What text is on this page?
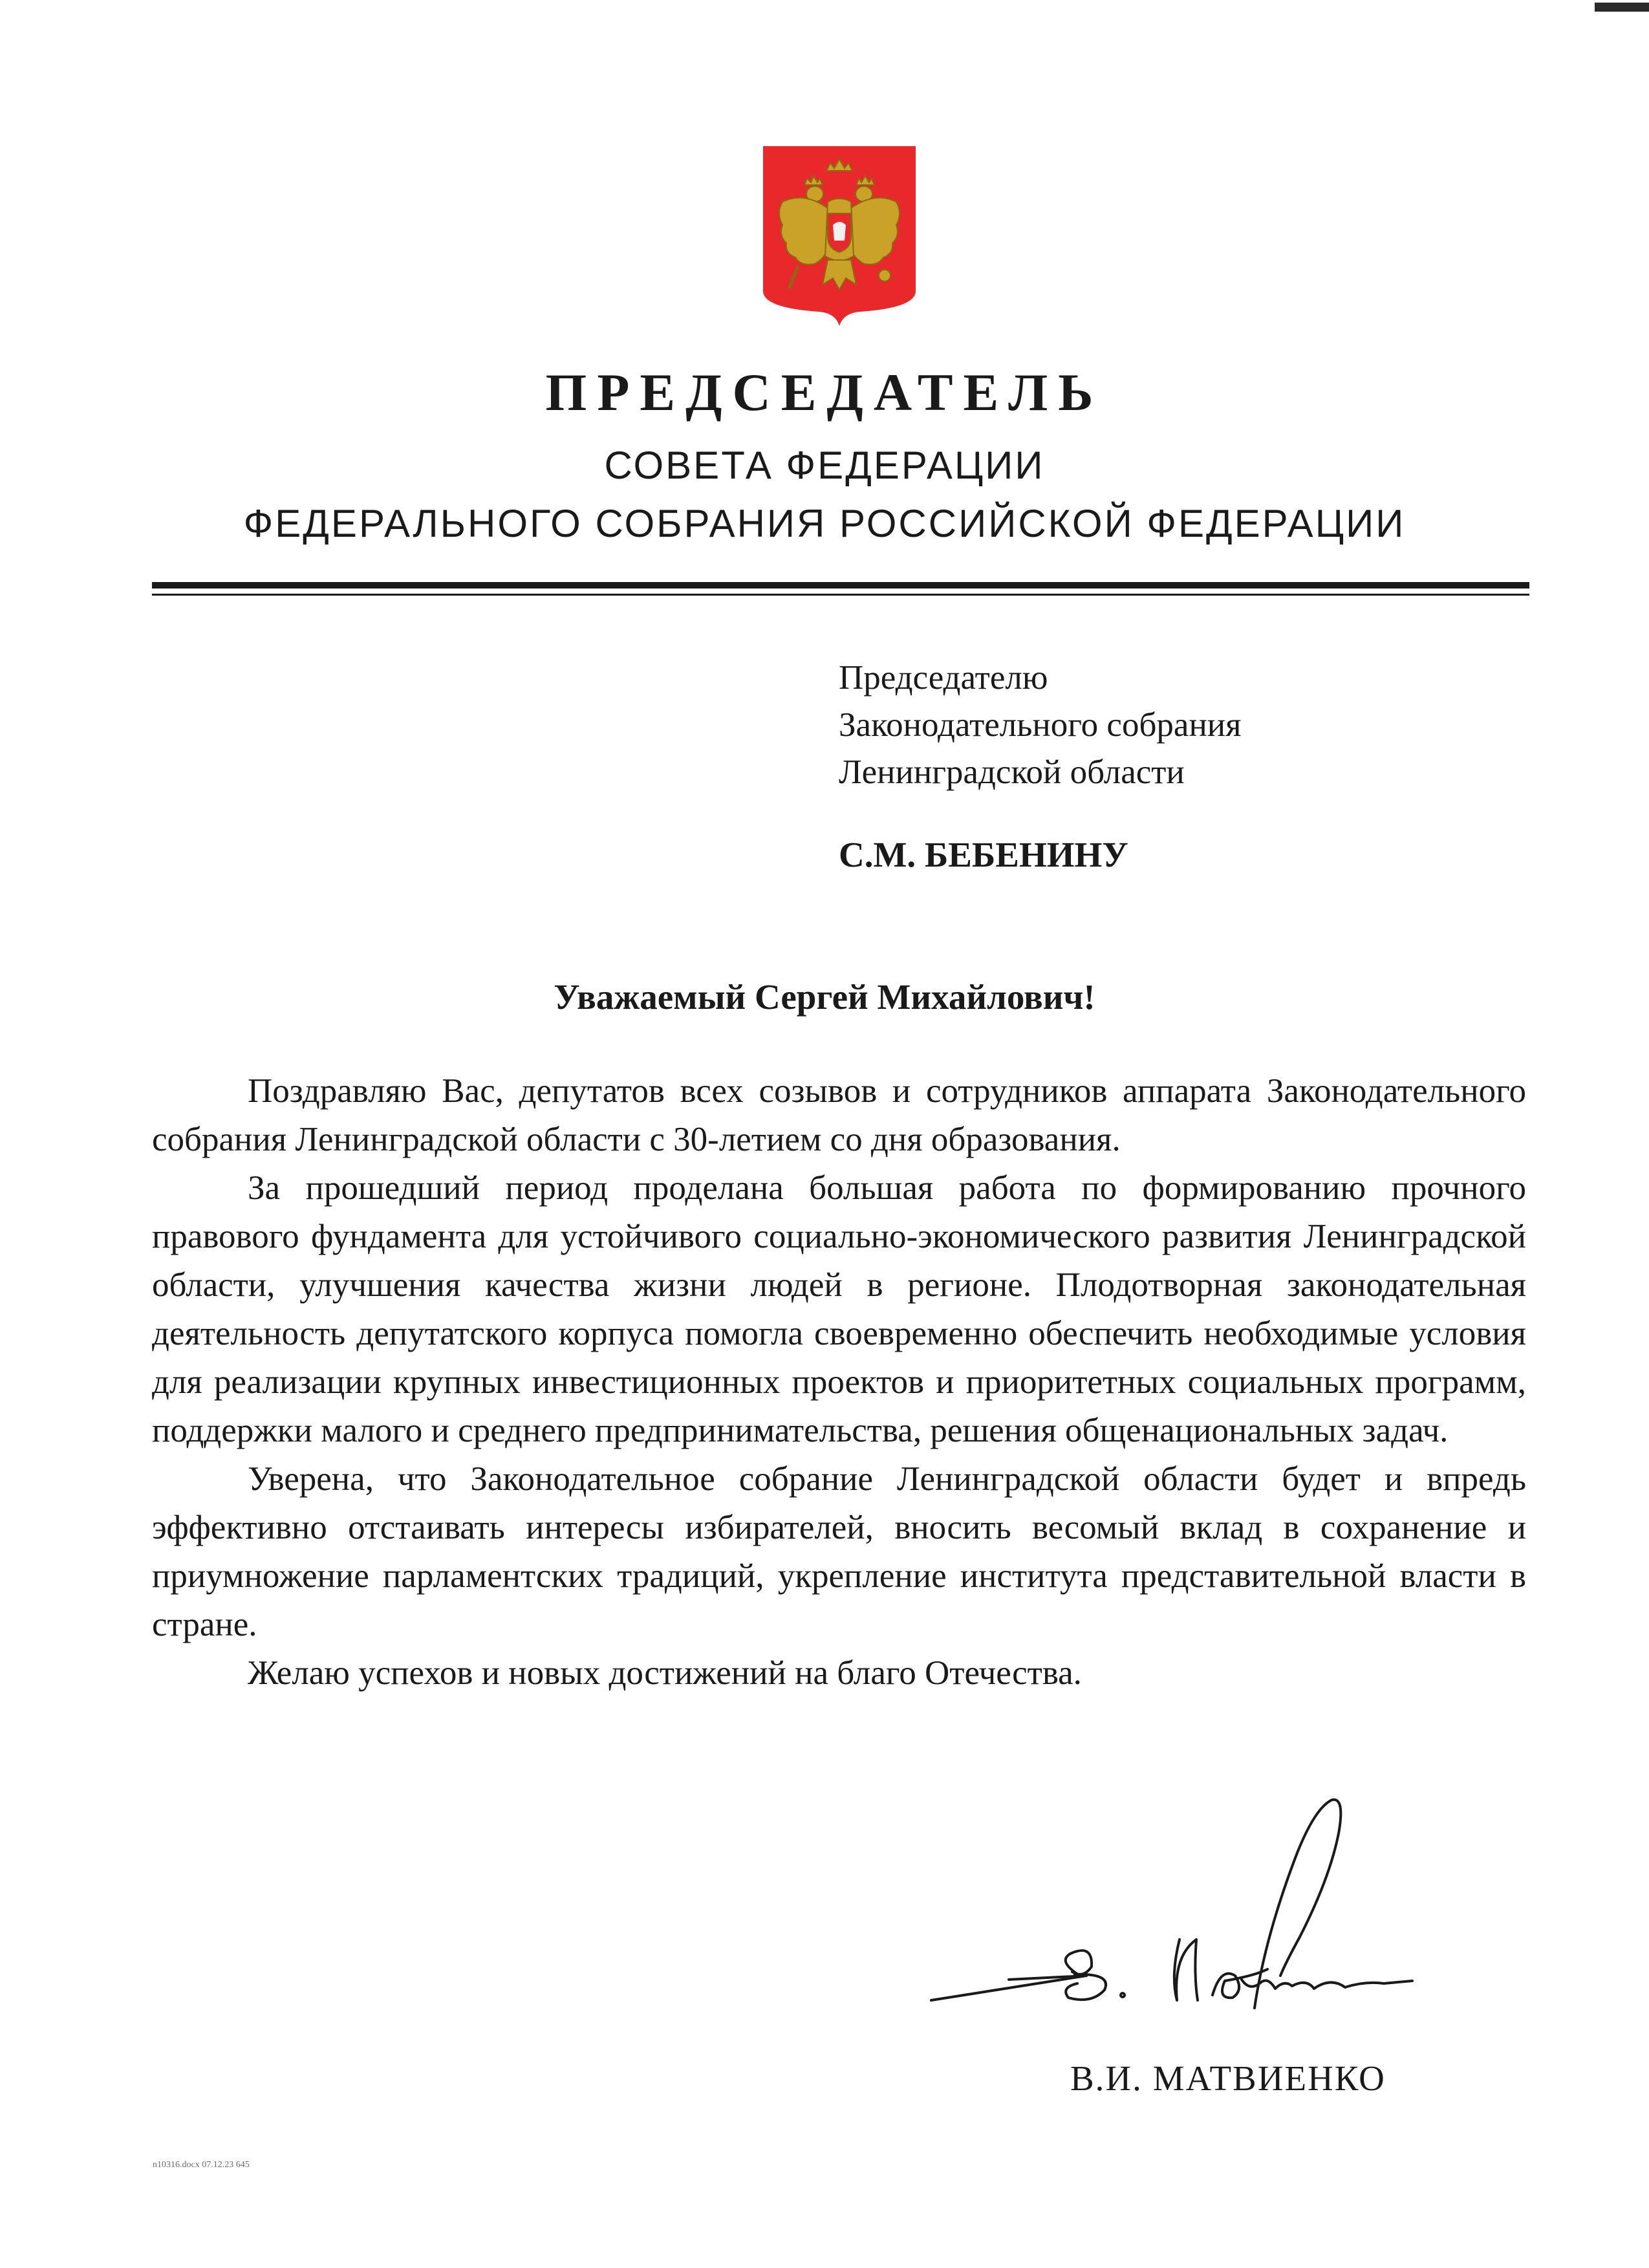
ПРЕДСЕДАТЕЛЬ
СОВЕТА ФЕДЕРАЦИИ
ФЕДЕРАЛЬНОГО СОБРАНИЯ РОССИЙСКОЙ ФЕДЕРАЦИИ
Председателю
Законодательного собрания
Ленинградской области
С.М. БЕБЕНИНУ
Уважаемый Сергей Михайлович!

Поздравляю Вас, депутатов всех созывов и сотрудников аппарата Законодательного собрания Ленинградской области с 30-летием со дня образования.

За прошедший период проделана большая работа по формированию прочного правового фундамента для устойчивого социально-экономического развития Ленинградской области, улучшения качества жизни людей в регионе. Плодотворная законодательная деятельность депутатского корпуса помогла своевременно обеспечить необходимые условия для реализации крупных инвестиционных проектов и приоритетных социальных программ, поддержки малого и среднего предпринимательства, решения общенациональных задач.

Уверена, что Законодательное собрание Ленинградской области будет и впредь эффективно отстаивать интересы избирателей, вносить весомый вклад в сохранение и приумножение парламентских традиций, укрепление института представительной власти в стране.

Желаю успехов и новых достижений на благо Отечества.

В.И. МАТВИЕНКО
n10316.docx 07.12.23 645
